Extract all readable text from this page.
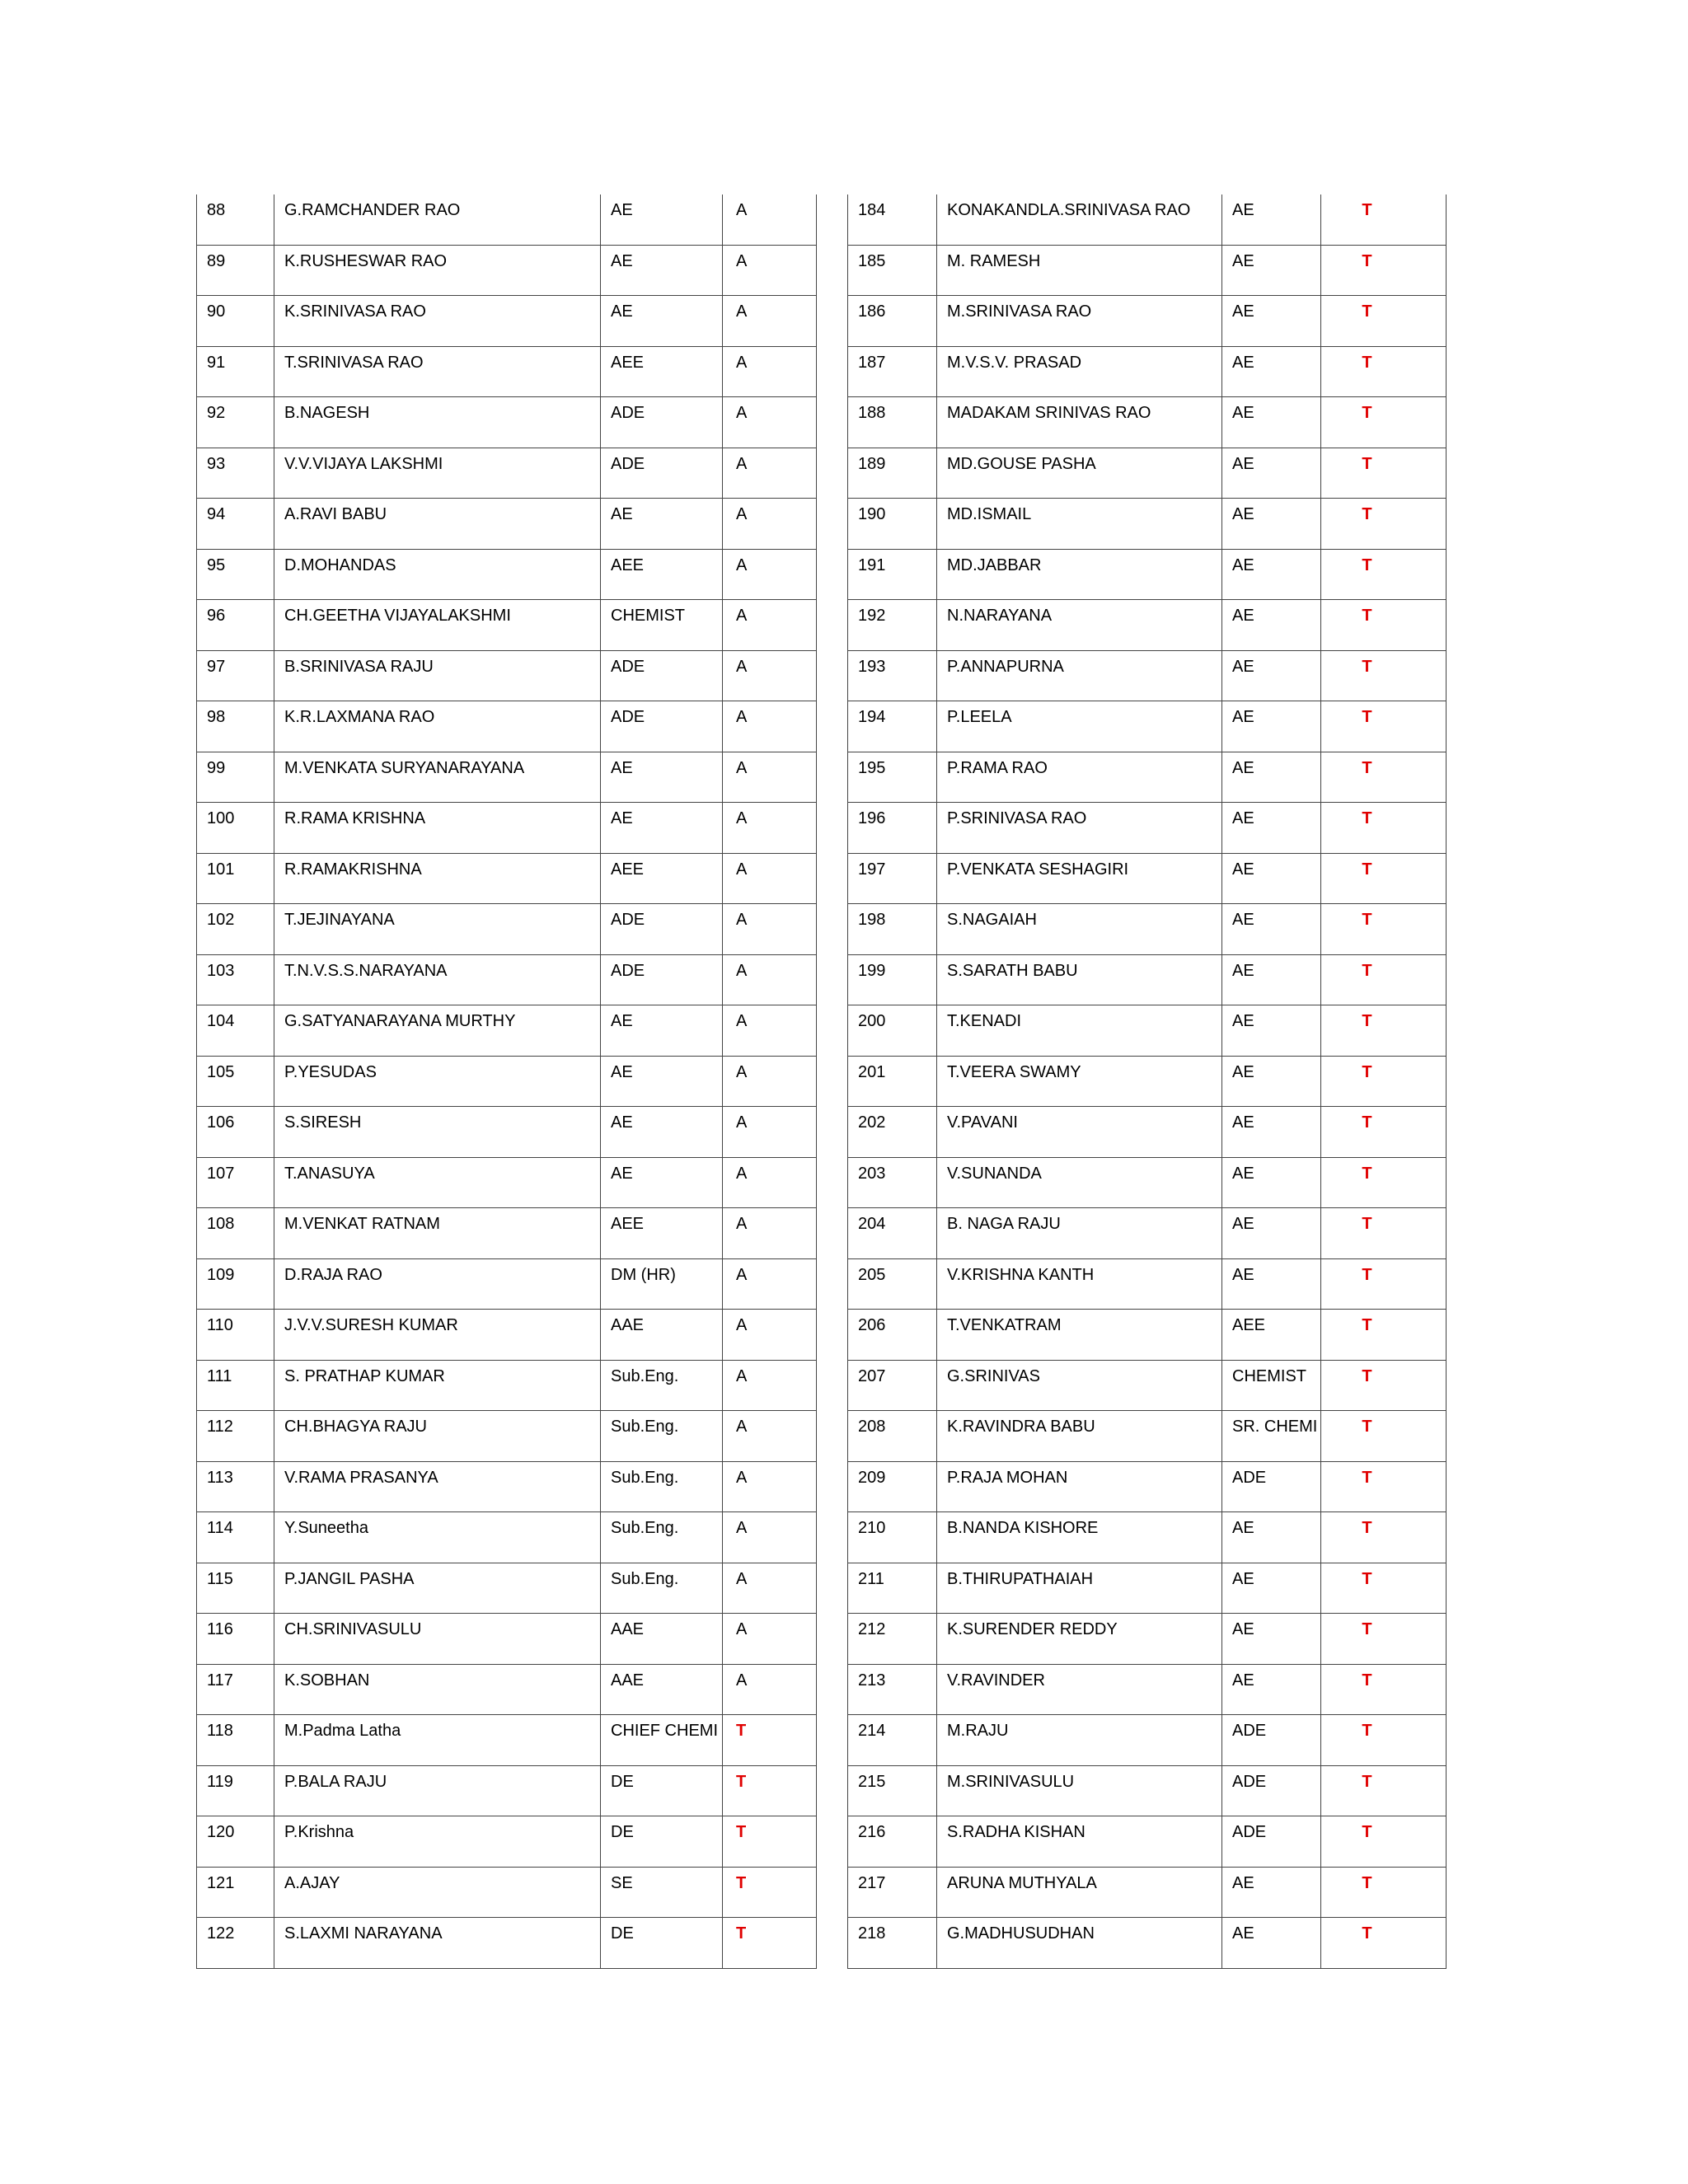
88	G.RAMCHANDER RAO	AE	A

89	K.RUSHESWAR RAO	AE	A

90	K.SRINIVASA RAO	AE	A

91	T.SRINIVASA RAO	AEE	A

92	B.NAGESH	ADE	A

93	V.V.VIJAYA LAKSHMI	ADE	A

94	A.RAVI BABU	AE	A

95	D.MOHANDAS	AEE	A

96	CH.GEETHA VIJAYALAKSHMI	CHEMIST	A

97	B.SRINIVASA RAJU	ADE	A

98	K.R.LAXMANA RAO	ADE	A

99	M.VENKATA SURYANARAYANA	AE	A

100	R.RAMA KRISHNA	AE	A

101	R.RAMAKRISHNA	AEE	A

102	T.JEJINAYANA	ADE	A

103	T.N.V.S.S.NARAYANA	ADE	A

104	G.SATYANARAYANA MURTHY	AE	A

105	P.YESUDAS	AE	A

106	S.SIRESH	AE	A

107	T.ANASUYA	AE	A

108	M.VENKAT RATNAM	AEE	A

109	D.RAJA RAO	DM (HR)	A

110	J.V.V.SURESH KUMAR	AAE	A

111	S. PRATHAP KUMAR	Sub.Eng.	A

112	CH.BHAGYA RAJU	Sub.Eng.	A

113	V.RAMA PRASANYA	Sub.Eng.	A

114	Y.Suneetha	Sub.Eng.	A

115	P.JANGIL PASHA	Sub.Eng.	A

116	CH.SRINIVASULU	AAE	A

117	K.SOBHAN	AAE	A

118	M.Padma Latha	CHIEF CHEMI	T

119	P.BALA RAJU	DE	T

120	P.Krishna	DE	T

121	A.AJAY	SE	T

122	S.LAXMI NARAYANA	DE	T
184	KONAKANDLA.SRINIVASA RAO	AE	T

185	M. RAMESH	AE	T

186	M.SRINIVASA RAO	AE	T

187	M.V.S.V. PRASAD	AE	T

188	MADAKAM SRINIVAS RAO	AE	T

189	MD.GOUSE PASHA	AE	T

190	MD.ISMAIL	AE	T

191	MD.JABBAR	AE	T

192	N.NARAYANA	AE	T

193	P.ANNAPURNA	AE	T

194	P.LEELA	AE	T

195	P.RAMA RAO	AE	T

196	P.SRINIVASA RAO	AE	T

197	P.VENKATA SESHAGIRI	AE	T

198	S.NAGAIAH	AE	T

199	S.SARATH BABU	AE	T

200	T.KENADI	AE	T

201	T.VEERA SWAMY	AE	T

202	V.PAVANI	AE	T

203	V.SUNANDA	AE	T

204	B. NAGA RAJU	AE	T

205	V.KRISHNA KANTH	AE	T

206	T.VENKATRAM	AEE	T

207	G.SRINIVAS	CHEMIST	T

208	K.RAVINDRA BABU	SR. CHEMI	T

209	P.RAJA MOHAN	ADE	T

210	B.NANDA KISHORE	AE	T

211	B.THIRUPATHAIAH	AE	T

212	K.SURENDER REDDY	AE	T

213	V.RAVINDER	AE	T

214	M.RAJU	ADE	T

215	M.SRINIVASULU	ADE	T

216	S.RADHA KISHAN	ADE	T

217	ARUNA MUTHYALA	AE	T

218	G.MADHUSUDHAN	AE	T
